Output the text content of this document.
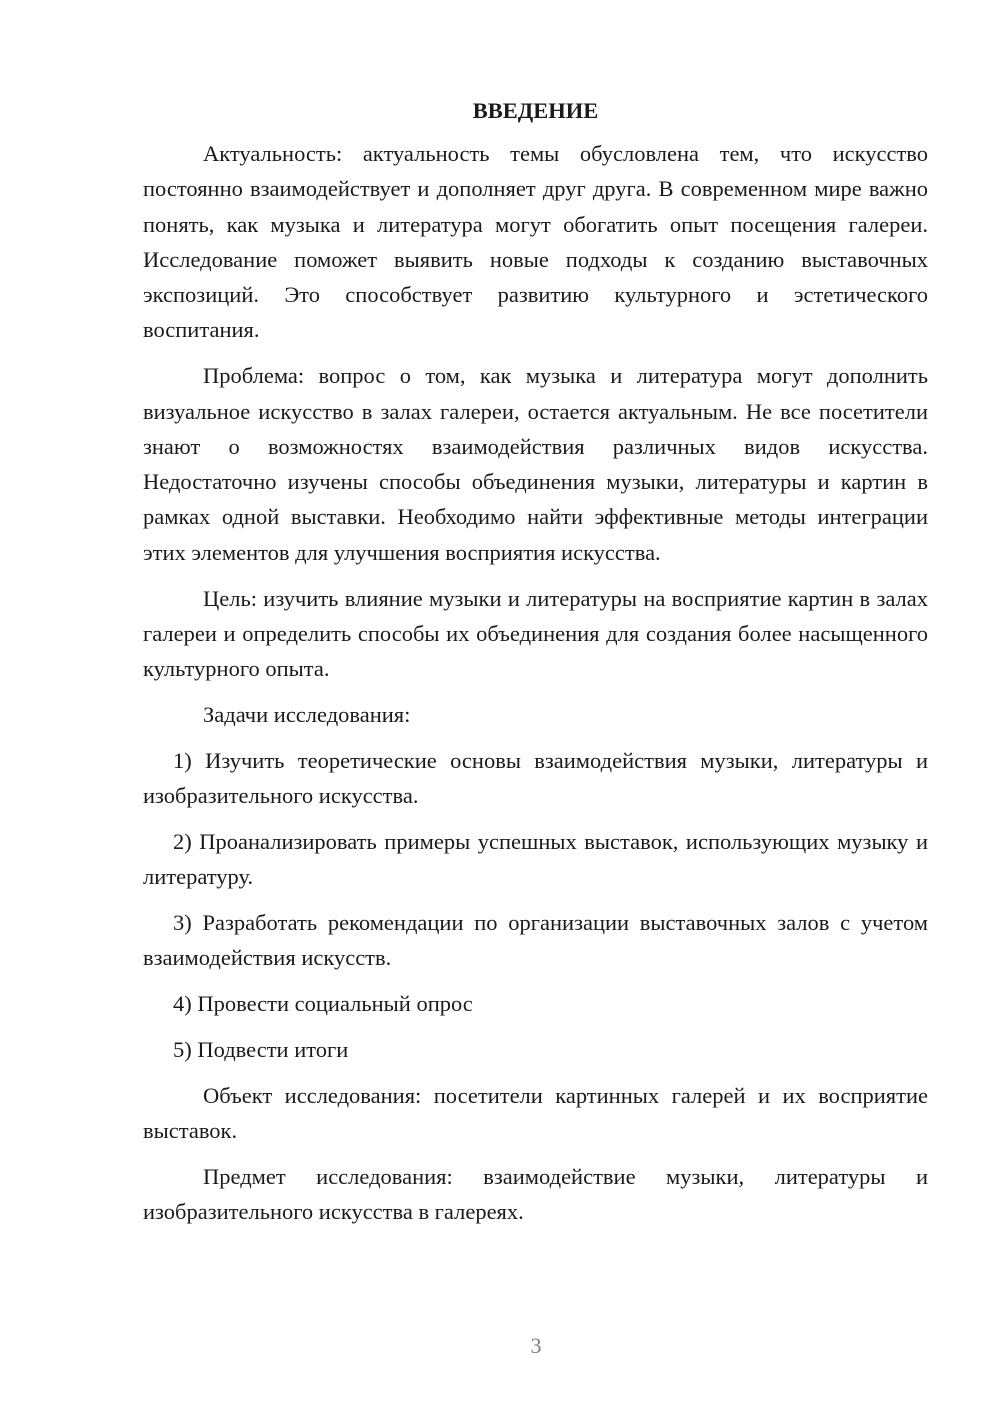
ВВЕДЕНИЕ

Актуальность: актуальность темы обусловлена тем, что искусство постоянно взаимодействует и дополняет друг друга. В современном мире важно понять, как музыка и литература могут обогатить опыт посещения галереи. Исследование поможет выявить новые подходы к созданию выставочных экспозиций. Это способствует развитию культурного и эстетического воспитания.

Проблема: вопрос о том, как музыка и литература могут дополнить визуальное искусство в залах галереи, остается актуальным. Не все посетители знают о возможностях взаимодействия различных видов искусства. Недостаточно изучены способы объединения музыки, литературы и картин в рамках одной выставки. Необходимо найти эффективные методы интеграции этих элементов для улучшения восприятия искусства.

Цель: изучить влияние музыки и литературы на восприятие картин в залах галереи и определить способы их объединения для создания более насыщенного культурного опыта.

Задачи исследования:

1) Изучить теоретические основы взаимодействия музыки, литературы и изобразительного искусства.

2) Проанализировать примеры успешных выставок, использующих музыку и литературу.

3) Разработать рекомендации по организации выставочных залов с учетом взаимодействия искусств.

4) Провести социальный опрос

5) Подвести итоги

Объект исследования: посетители картинных галерей и их восприятие выставок.

Предмет исследования: взаимодействие музыки, литературы и изобразительного искусства в галереях.

3
